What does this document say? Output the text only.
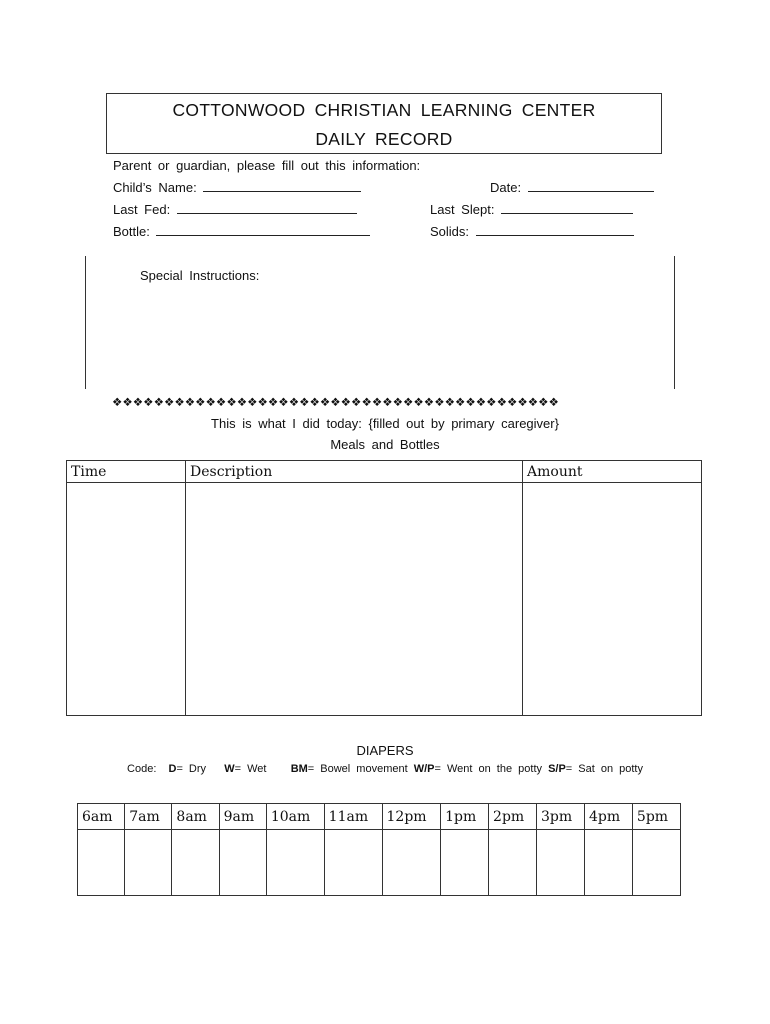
COTTONWOOD CHRISTIAN LEARNING CENTER
DAILY RECORD
Parent or guardian, please fill out this information:
Child’s Name:	Date:
Last Fed:	Last Slept:
Bottle:	Solids:
Special Instructions:
❖❖❖❖❖❖❖❖❖❖❖❖❖❖❖❖❖❖❖❖❖❖❖❖❖❖❖❖❖❖❖❖❖❖❖❖❖❖❖❖❖❖❖
This is what I did today: {filled out by primary caregiver}
Meals and Bottles
Time	Description	Amount

DIAPERS
Code: D= Dry W= Wet BM= Bowel movement W/P= Went on the potty S/P= Sat on potty
6am	7am	8am	9am	10am	11am	12pm	1pm	2pm	3pm	4pm	5pm
